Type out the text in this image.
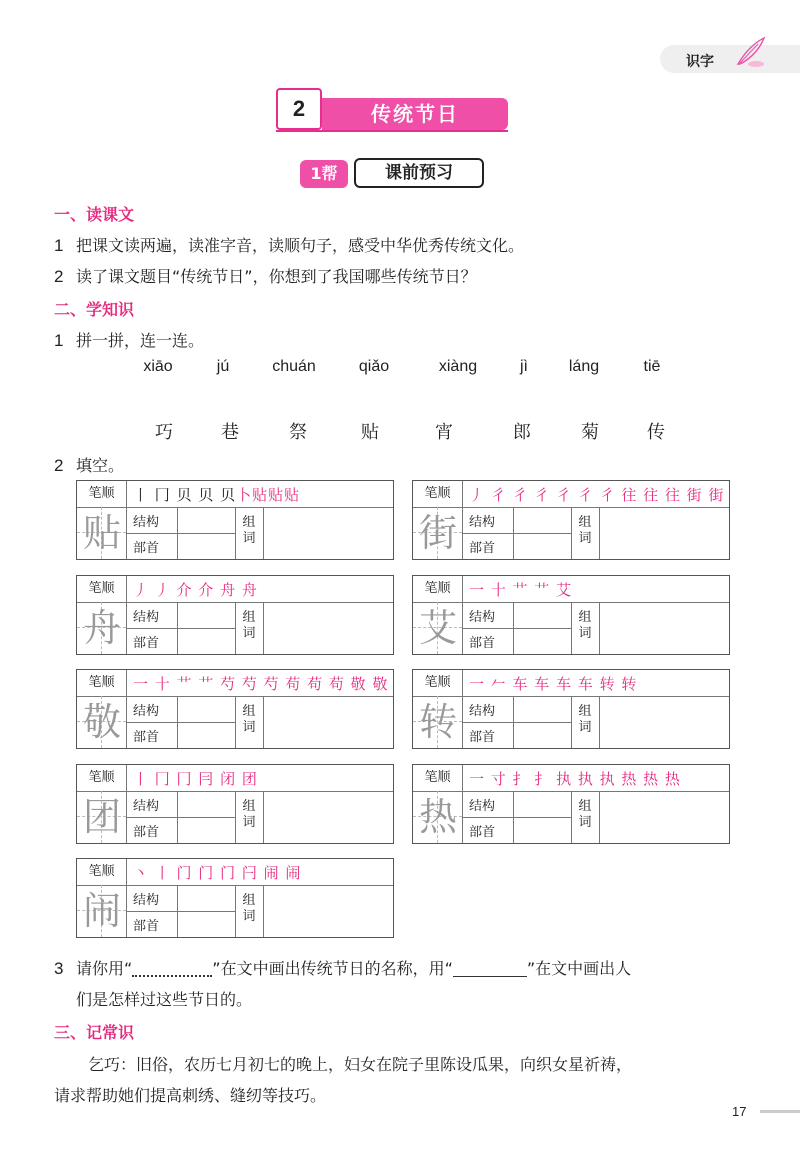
识字
2	传统节日
1帮	课前预习
一、读课文
1 把课文读两遍，读准字音，读顺句子，感受中华优秀传统文化。
2 读了课文题目“传统节日”，你想到了我国哪些传统节日？
二、学知识
1 拼一拼，连一连。
xiāo	jú	chuán	qiǎo	xiàng	jì	láng	tiē
巧	巷	祭	贴	宵	郎	菊	传
2 填空。
笔顺	丨 冂 贝 贝 贝卜贴贴贴
贴 结构
部首
组词
笔顺	丿 彳 彳 彳 彳 彳 彳 往 往 往 街 街
街 结构
部首
组词
笔顺	丿 丿 介 介 舟 舟
舟 结构
部首
组词
笔顺	一 十 艹 艹 艾
艾 结构
部首
组词
笔顺	一 十 艹 艹 芍 芍 芍 苟 苟 苟 敬 敬
敬 结构
部首
组词
笔顺	一 𠂉 车 车 车 车 转 转
转 结构
部首
组词
笔顺	丨 冂 冂 冃 闭 团
团 结构
部首
组词
笔顺	一 寸 扌 扌 执 执 执 热 热 热
热 结构
部首
组词
笔顺	丶 丨 门 门 门 闩 闹 闹
闹 结构
部首
组词
3 请你用“	”在文中画出传统节日的名称，用“	”在文中画出人
们是怎样过这些节日的。
三、记常识
乞巧：旧俗，农历七月初七的晚上，妇女在院子里陈设瓜果，向织女星祈祷，
请求帮助她们提高刺绣、缝纫等技巧。
17
